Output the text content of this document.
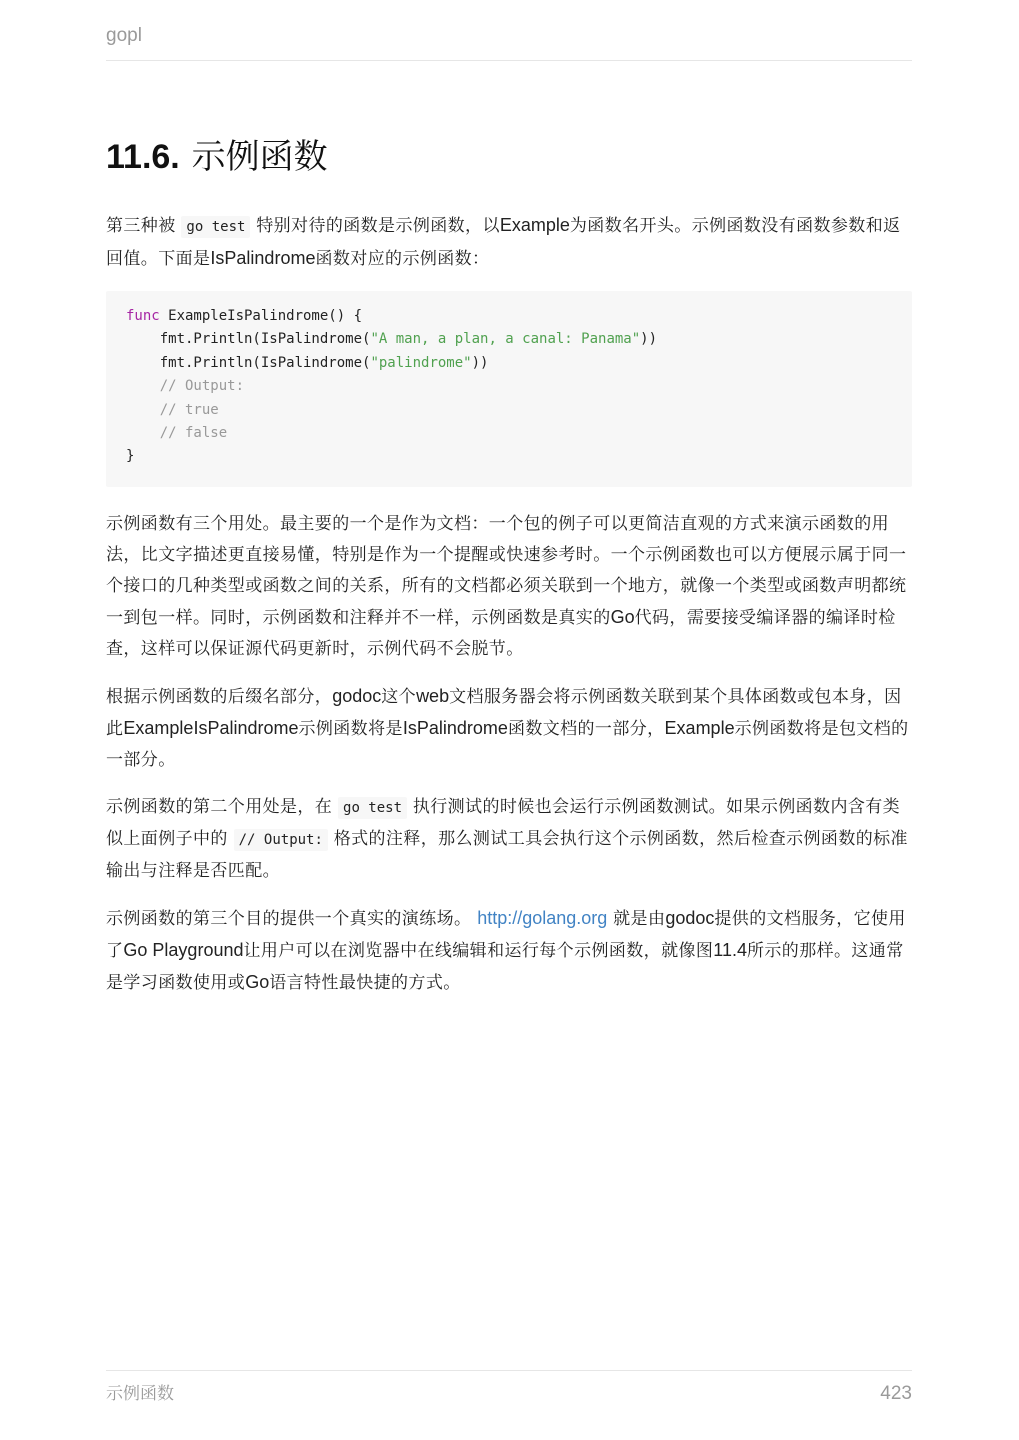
gopl
11.6. 示例函数

第三种被 go test 特别对待的函数是示例函数，以Example为函数名开头。示例函数没有函数参数和返回值。下面是IsPalindrome函数对应的示例函数：

func ExampleIsPalindrome() {
fmt.Println(IsPalindrome("A man, a plan, a canal: Panama"))
fmt.Println(IsPalindrome("palindrome"))
// Output:
// true
// false
}

示例函数有三个用处。最主要的一个是作为文档：一个包的例子可以更简洁直观的方式来演示函数的用法，比文字描述更直接易懂，特别是作为一个提醒或快速参考时。一个示例函数也可以方便展示属于同一个接口的几种类型或函数之间的关系，所有的文档都必须关联到一个地方，就像一个类型或函数声明都统一到包一样。同时，示例函数和注释并不一样，示例函数是真实的Go代码，需要接受编译器的编译时检查，这样可以保证源代码更新时，示例代码不会脱节。

根据示例函数的后缀名部分，godoc这个web文档服务器会将示例函数关联到某个具体函数或包本身，因此ExampleIsPalindrome示例函数将是IsPalindrome函数文档的一部分，Example示例函数将是包文档的一部分。

示例函数的第二个用处是，在 go test 执行测试的时候也会运行示例函数测试。如果示例函数内含有类似上面例子中的 // Output: 格式的注释，那么测试工具会执行这个示例函数，然后检查示例函数的标准输出与注释是否匹配。

示例函数的第三个目的提供一个真实的演练场。 http://golang.org 就是由godoc提供的文档服务，它使用了Go Playground让用户可以在浏览器中在线编辑和运行每个示例函数，就像图11.4所示的那样。这通常是学习函数使用或Go语言特性最快捷的方式。

示例函数	423
